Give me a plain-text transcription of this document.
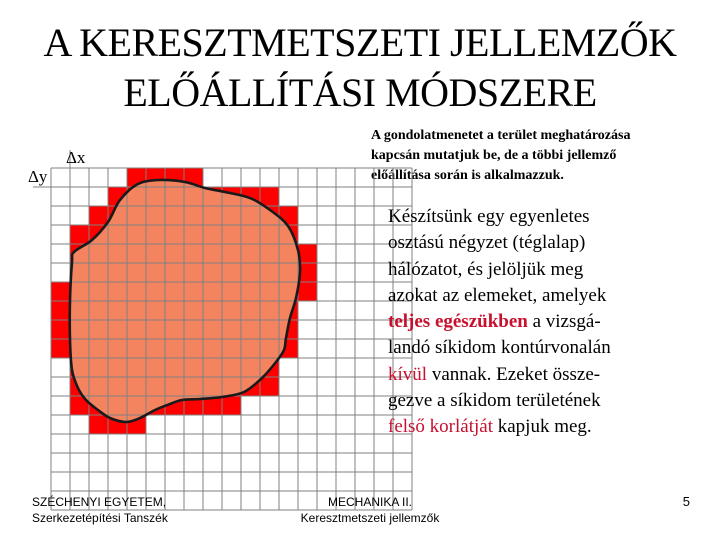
A KERESZTMETSZETI JELLEMZŐK
ELŐÁLLÍTÁSI MÓDSZERE
A gondolatmenetet a terület meghatározása
kapcsán mutatjuk be, de a többi jellemző
előállítása során is alkalmazzuk.
Δx
Δy
Készítsünk egy egyenletes
osztású négyzet (téglalap)
hálózatot, és jelöljük meg
azokat az elemeket, amelyek
teljes egészükben a vizsgá-
landó síkidom kontúrvonalán
kívül vannak. Ezeket össze-
gezve a síkidom területének
felső korlátját kapjuk meg.
SZÉCHENYI EGYETEM,
Szerkezetépítési Tanszék
MECHANIKA II.
Keresztmetszeti jellemzők
5
